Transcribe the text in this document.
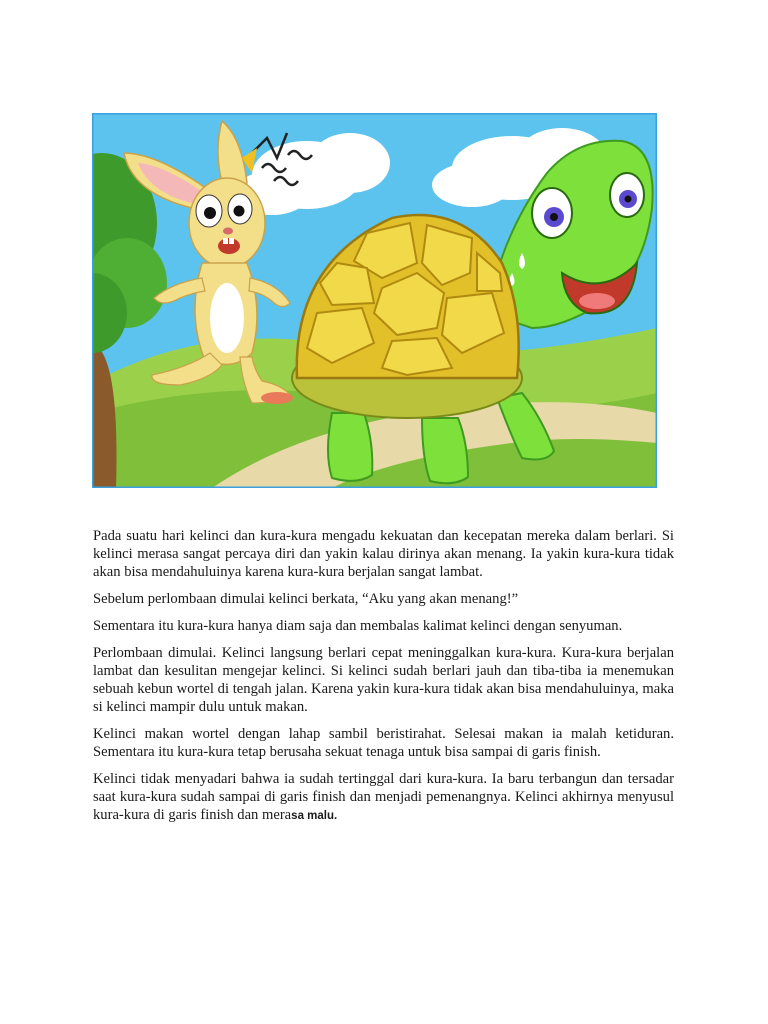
Pada suatu hari kelinci dan kura-kura mengadu kekuatan dan kecepatan mereka dalam berlari. Si kelinci merasa sangat percaya diri dan yakin kalau dirinya akan menang. Ia yakin kura-kura tidak akan bisa mendahuluinya karena kura-kura berjalan sangat lambat.

Sebelum perlombaan dimulai kelinci berkata, “Aku yang akan menang!”

Sementara itu kura-kura hanya diam saja dan membalas kalimat kelinci dengan senyuman.

Perlombaan dimulai. Kelinci langsung berlari cepat meninggalkan kura-kura. Kura-kura berjalan lambat dan kesulitan mengejar kelinci. Si kelinci sudah berlari jauh dan tiba-tiba ia menemukan sebuah kebun wortel di tengah jalan. Karena yakin kura-kura tidak akan bisa mendahuluinya, maka si kelinci mampir dulu untuk makan.

Kelinci makan wortel dengan lahap sambil beristirahat. Selesai makan ia malah ketiduran. Sementara itu kura-kura tetap berusaha sekuat tenaga untuk bisa sampai di garis finish.

Kelinci tidak menyadari bahwa ia sudah tertinggal dari kura-kura. Ia baru terbangun dan tersadar saat kura-kura sudah sampai di garis finish dan menjadi pemenangnya. Kelinci akhirnya menyusul kura-kura di garis finish dan merasa malu.
